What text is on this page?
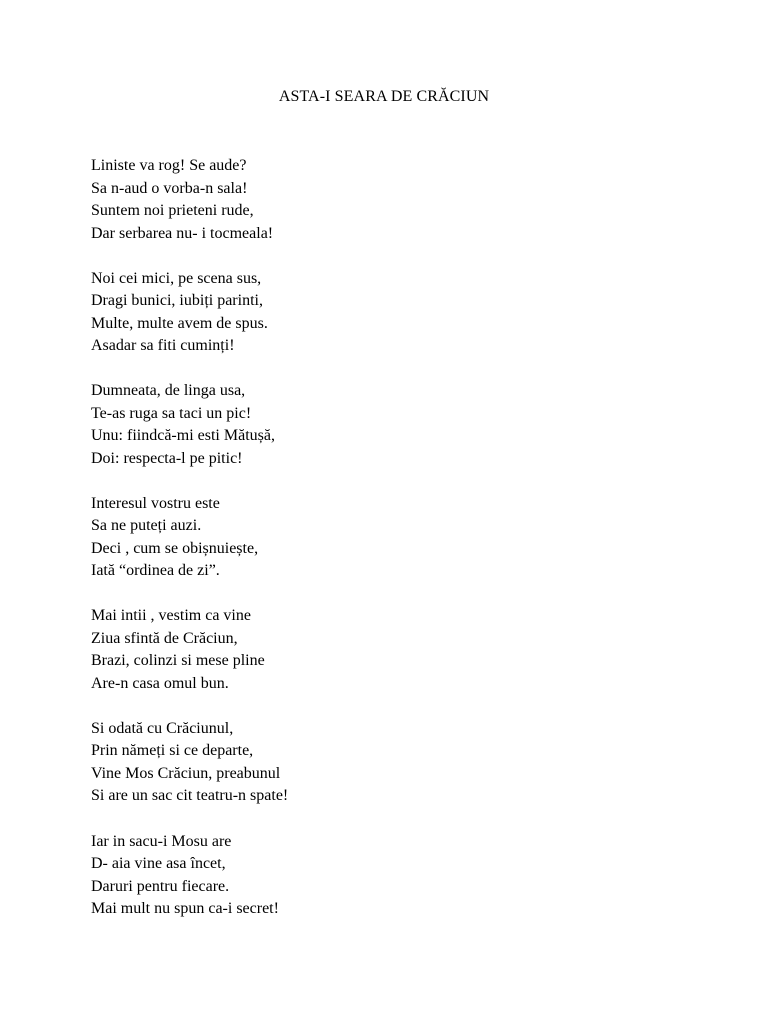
ASTA-I SEARA DE CRĂCIUN
Liniste va rog! Se aude?
Sa n-aud o vorba-n sala!
Suntem noi prieteni rude,
Dar serbarea nu- i tocmeala!
Noi cei mici, pe scena sus,
Dragi bunici, iubiți parinti,
Multe, multe avem de spus.
Asadar sa fiti cuminți!
Dumneata, de linga usa,
Te-as ruga sa taci un pic!
Unu: fiindcă-mi esti Mătușă,
Doi: respecta-l pe pitic!
Interesul vostru este
Sa ne puteți auzi.
Deci , cum se obișnuiește,
Iată “ordinea de zi”.
Mai intii , vestim ca vine
Ziua sfintă de Crăciun,
Brazi, colinzi si mese pline
Are-n casa omul bun.
Si odată cu Crăciunul,
Prin nămeți si ce departe,
Vine Mos Crăciun, preabunul
Si are un sac cit teatru-n spate!
Iar in sacu-i Mosu are
D- aia vine asa încet,
Daruri pentru fiecare.
Mai mult nu spun ca-i secret!
